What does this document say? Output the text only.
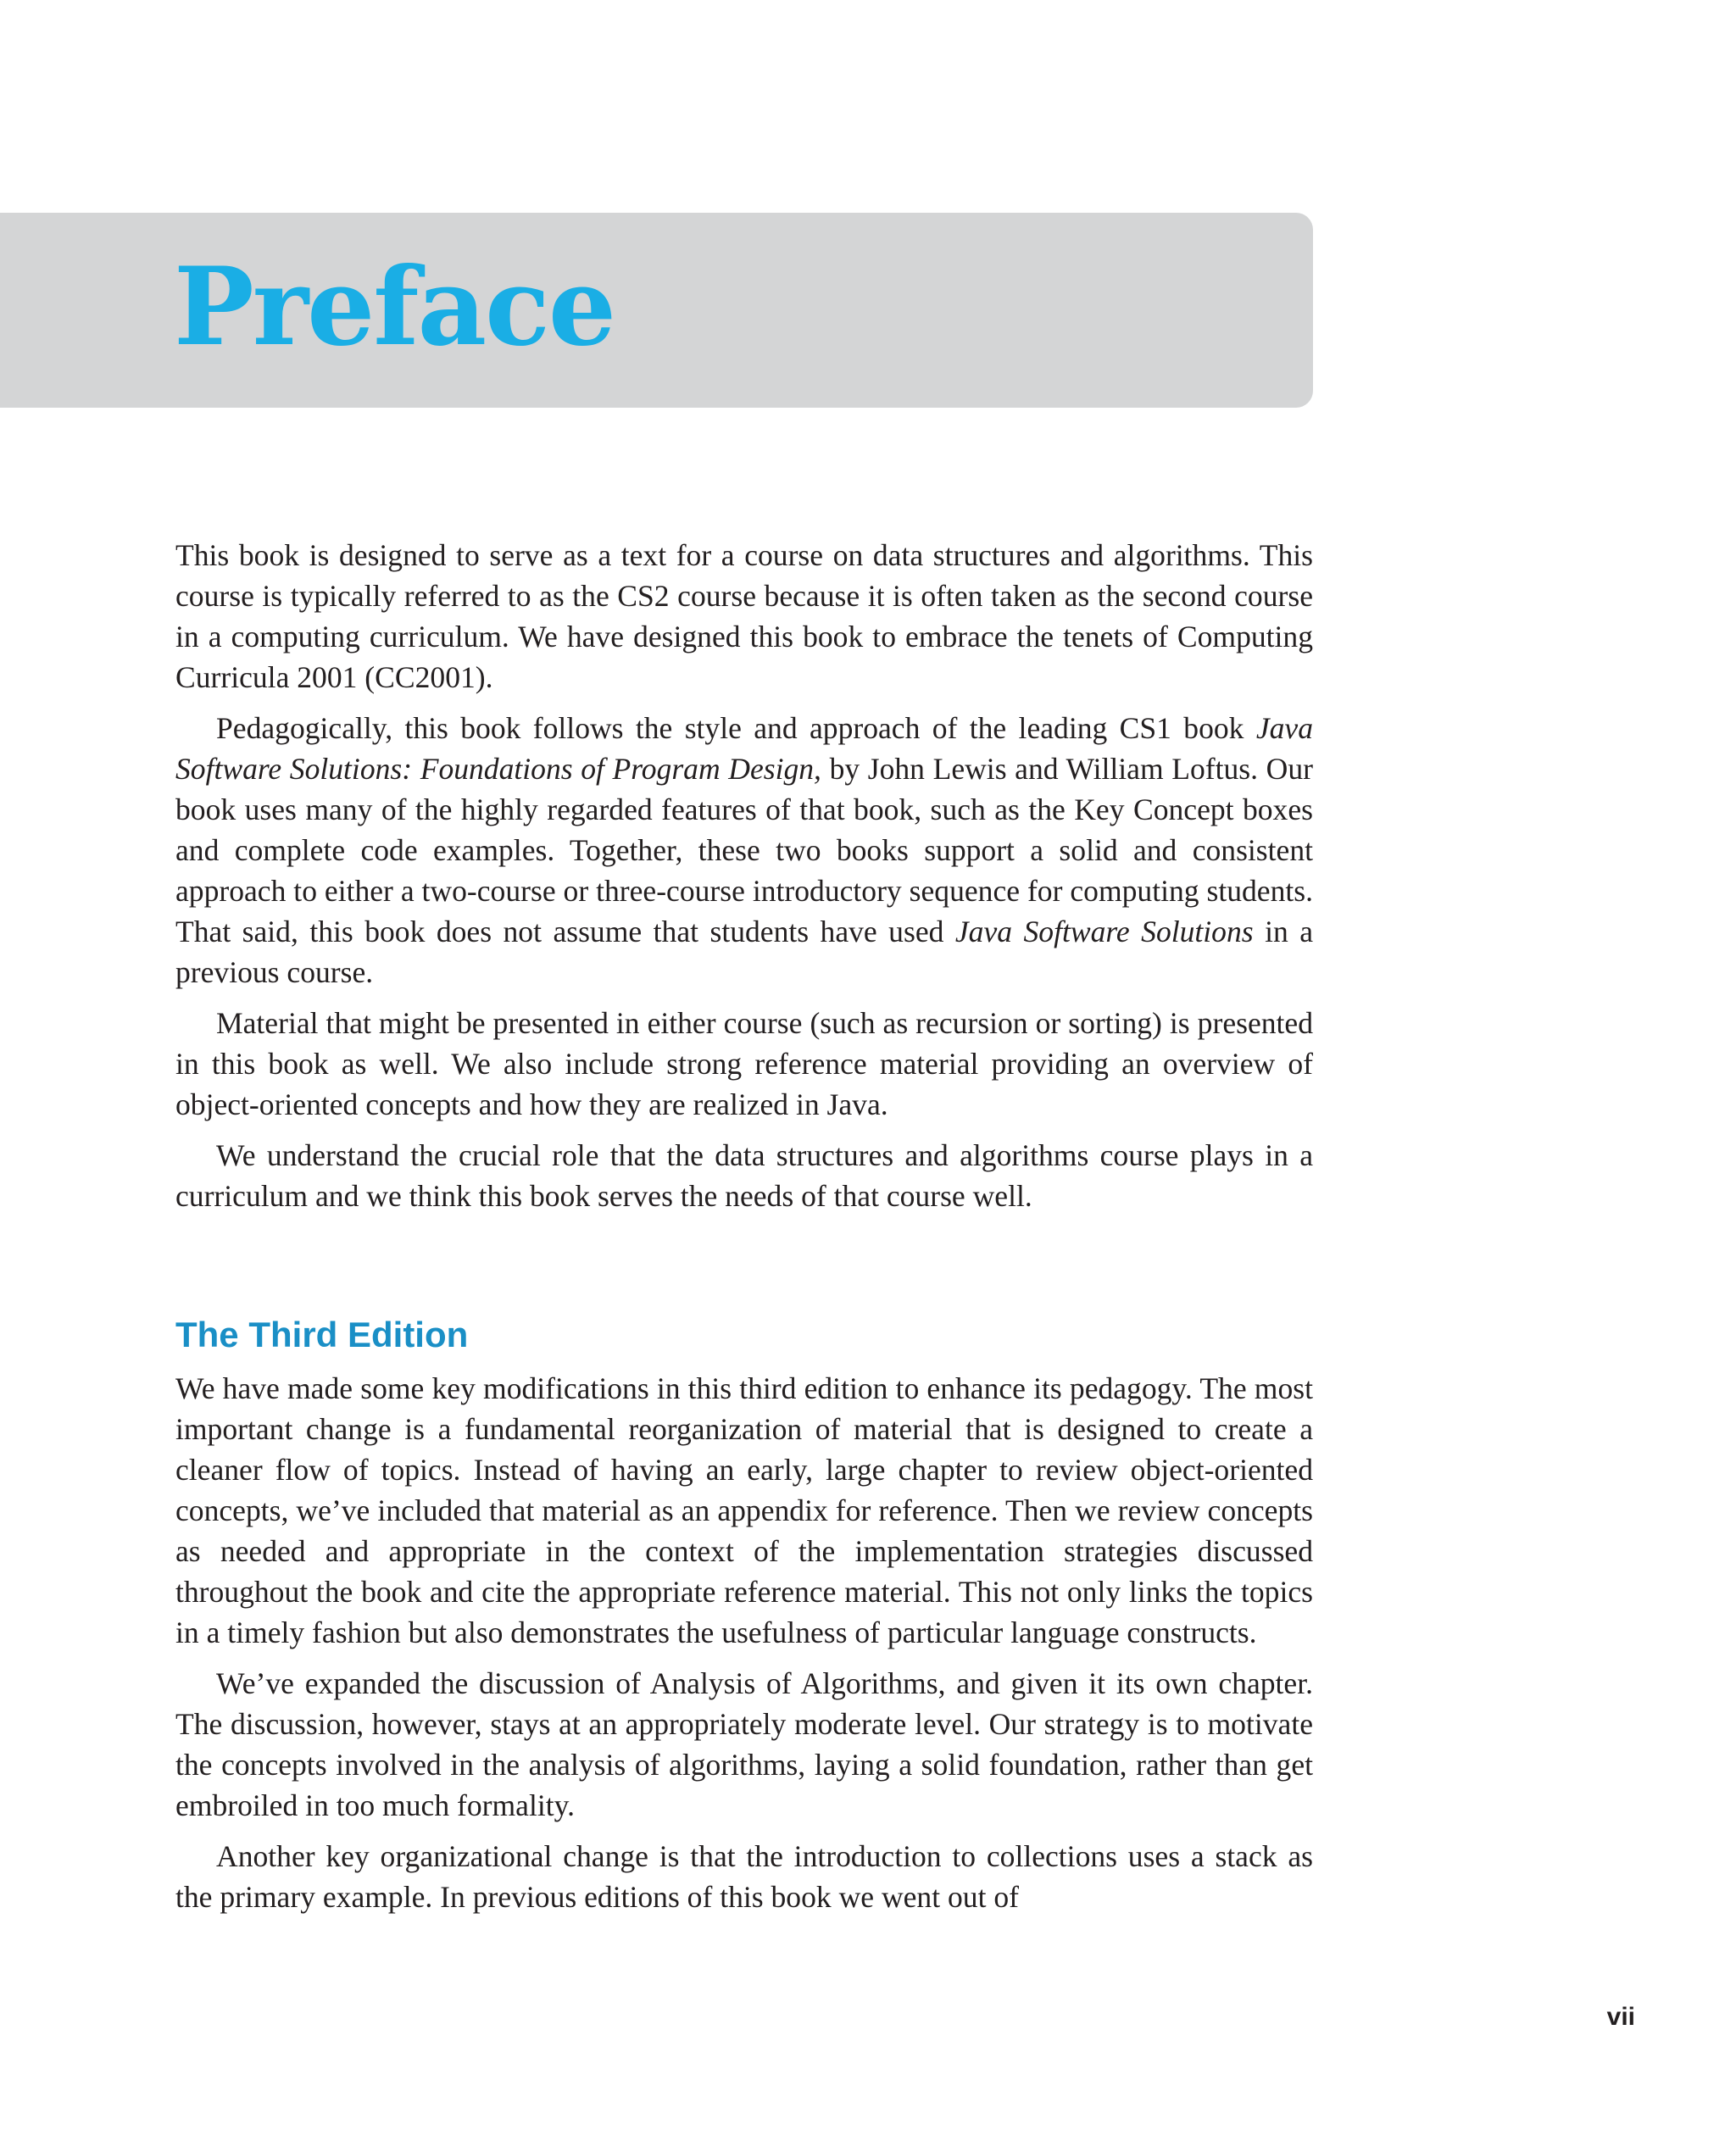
Preface

This book is designed to serve as a text for a course on data structures and algorithms. This course is typically referred to as the CS2 course because it is often taken as the second course in a computing curriculum. We have designed this book to embrace the tenets of Computing Curricula 2001 (CC2001).

Pedagogically, this book follows the style and approach of the leading CS1 book Java Software Solutions: Foundations of Program Design, by John Lewis and William Loftus. Our book uses many of the highly regarded features of that book, such as the Key Concept boxes and complete code examples. Together, these two books support a solid and consistent approach to either a two-course or three-course introductory sequence for computing students. That said, this book does not assume that students have used Java Software Solutions in a previous course.

Material that might be presented in either course (such as recursion or sorting) is presented in this book as well. We also include strong reference material providing an overview of object-oriented concepts and how they are realized in Java.

We understand the crucial role that the data structures and algorithms course plays in a curriculum and we think this book serves the needs of that course well.

The Third Edition

We have made some key modifications in this third edition to enhance its pedagogy. The most important change is a fundamental reorganization of material that is designed to create a cleaner flow of topics. Instead of having an early, large chapter to review object-oriented concepts, we’ve included that material as an appendix for reference. Then we review concepts as needed and appropriate in the context of the implementation strategies discussed throughout the book and cite the appropriate reference material. This not only links the topics in a timely fashion but also demonstrates the usefulness of particular language constructs.

We’ve expanded the discussion of Analysis of Algorithms, and given it its own chapter. The discussion, however, stays at an appropriately moderate level. Our strategy is to motivate the concepts involved in the analysis of algorithms, laying a solid foundation, rather than get embroiled in too much formality.

Another key organizational change is that the introduction to collections uses a stack as the primary example. In previous editions of this book we went out of

vii
